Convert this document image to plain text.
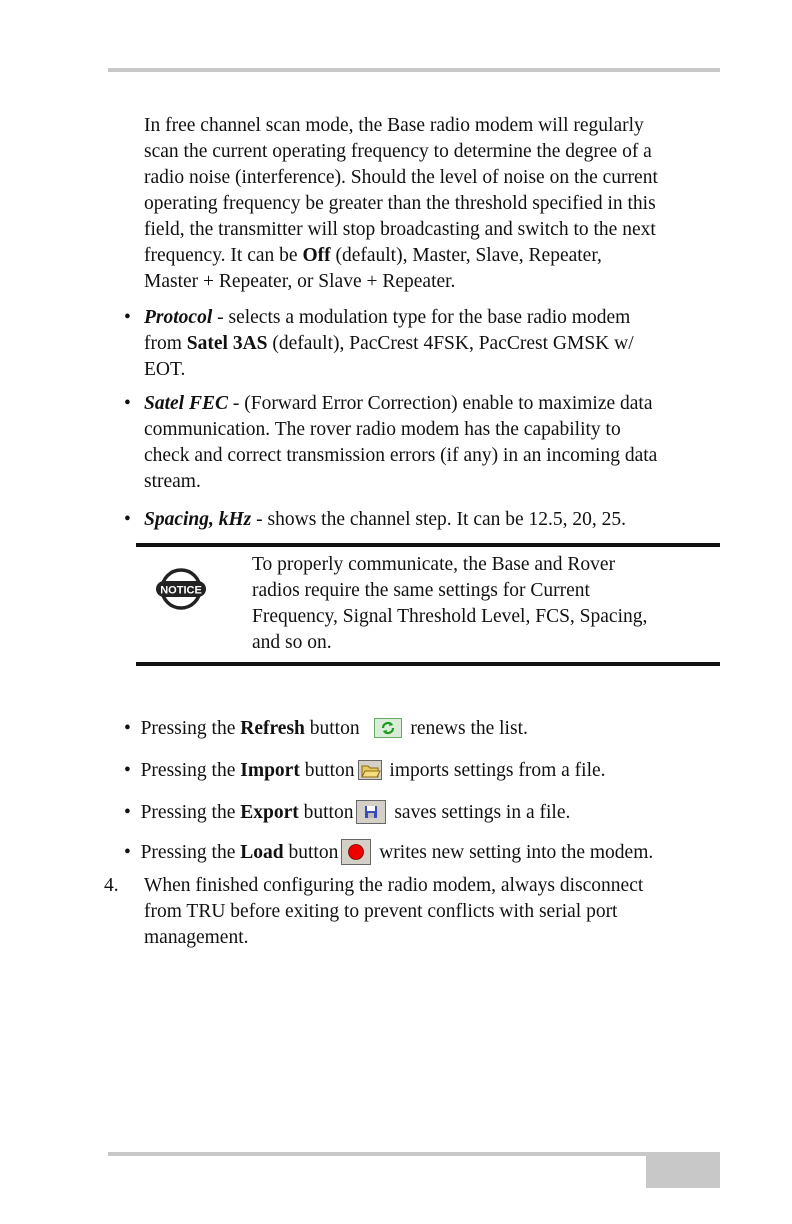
In free channel scan mode, the Base radio modem will regularly
scan the current operating frequency to determine the degree of a
radio noise (interference). Should the level of noise on the current
operating frequency be greater than the threshold specified in this
field, the transmitter will stop broadcasting and switch to the next
frequency. It can be Off (default), Master, Slave, Repeater,
Master + Repeater, or Slave + Repeater.
• Protocol - selects a modulation type for the base radio modem
from Satel 3AS (default), PacCrest 4FSK, PacCrest GMSK w/
EOT.
• Satel FEC - (Forward Error Correction) enable to maximize data
communication. The rover radio modem has the capability to
check and correct transmission errors (if any) in an incoming data
stream.
• Spacing, kHz - shows the channel step. It can be 12.5, 20, 25.
NOTICE
To properly communicate, the Base and Rover
radios require the same settings for Current
Frequency, Signal Threshold Level, FCS, Spacing,
and so on.
• Pressing the Refresh button  renews the list.
• Pressing the Import button imports settings from a file.
• Pressing the Export button saves settings in a file.
• Pressing the Load button writes new setting into the modem.
4. When finished configuring the radio modem, always disconnect
from TRU before exiting to prevent conflicts with serial port
management.
